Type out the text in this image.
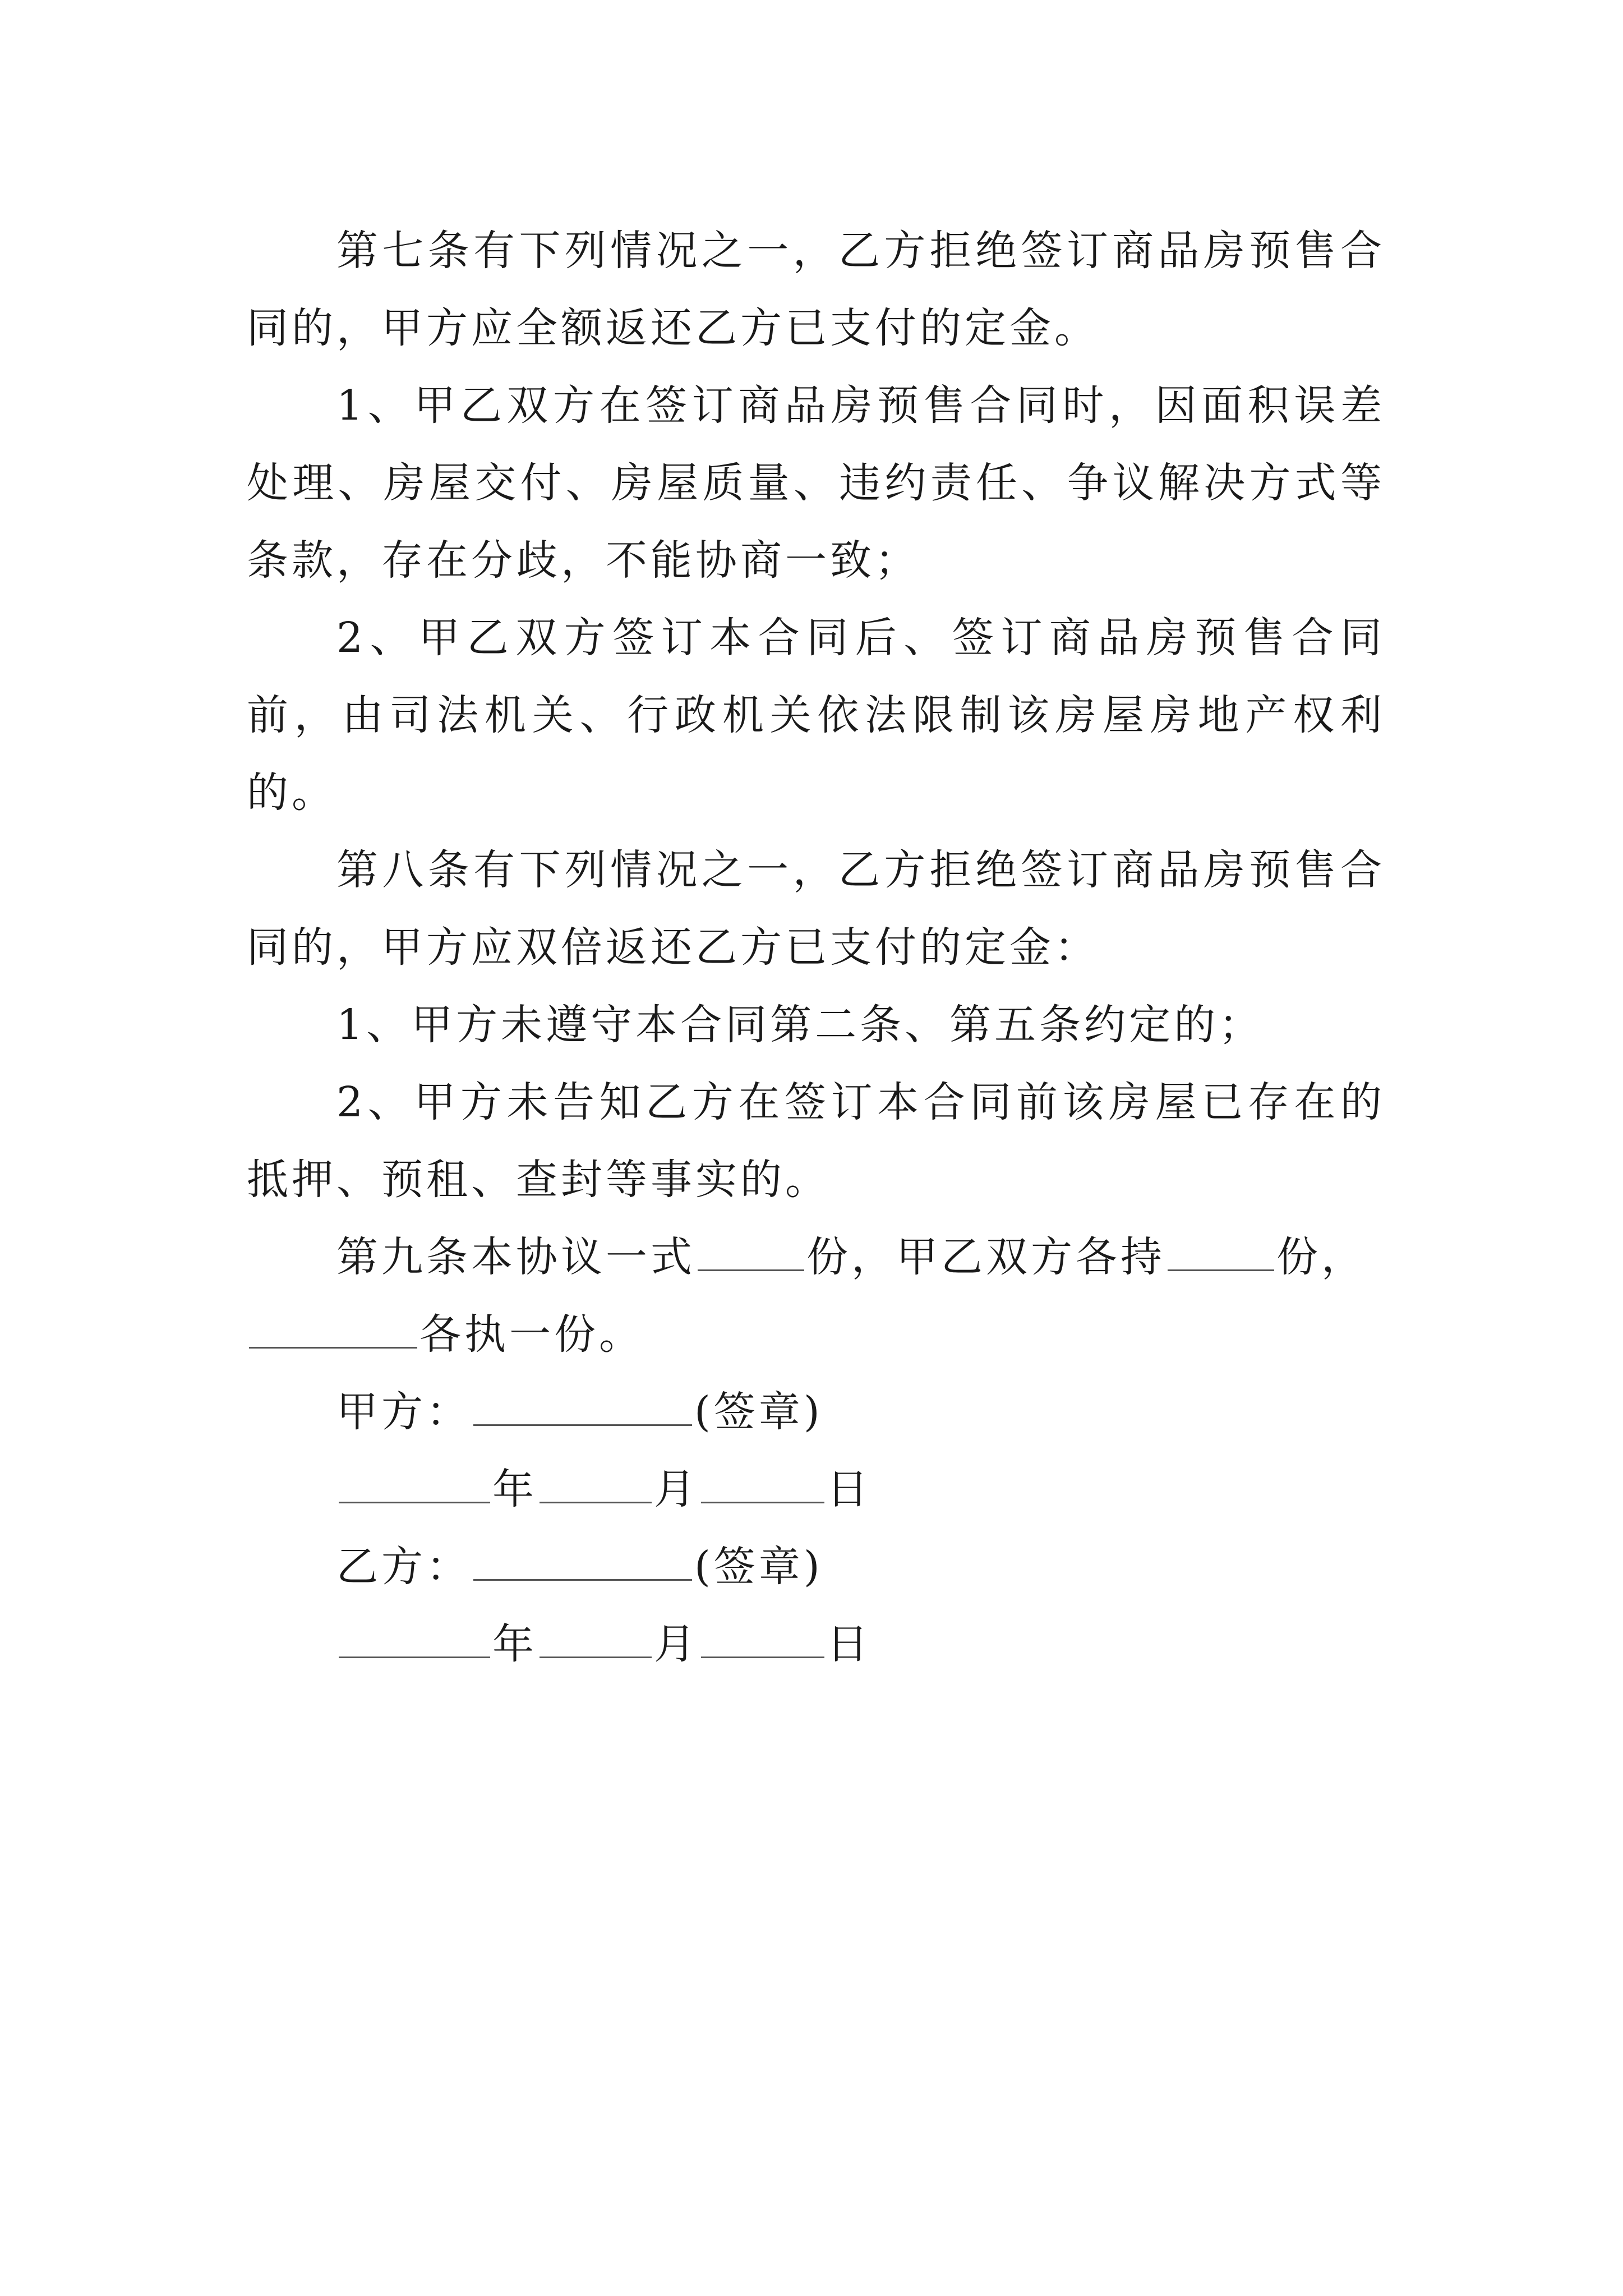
第七条有下列情况之一，乙方拒绝签订商品房预售合同的，甲方应全额返还乙方已支付的定金。

1、甲乙双方在签订商品房预售合同时，因面积误差处理、房屋交付、房屋质量、违约责任、争议解决方式等条款，存在分歧，不能协商一致；

2、甲乙双方签订本合同后、签订商品房预售合同前，由司法机关、行政机关依法限制该房屋房地产权利的。

第八条有下列情况之一，乙方拒绝签订商品房预售合同的，甲方应双倍返还乙方已支付的定金：

1、甲方未遵守本合同第二条、第五条约定的；

2、甲方未告知乙方在签订本合同前该房屋已存在的抵押、预租、查封等事实的。

第九条本协议一式	份，甲乙双方各持	份，

各执一份。

甲方：	(签章)

年	月	日

乙方：	(签章)

年	月	日
